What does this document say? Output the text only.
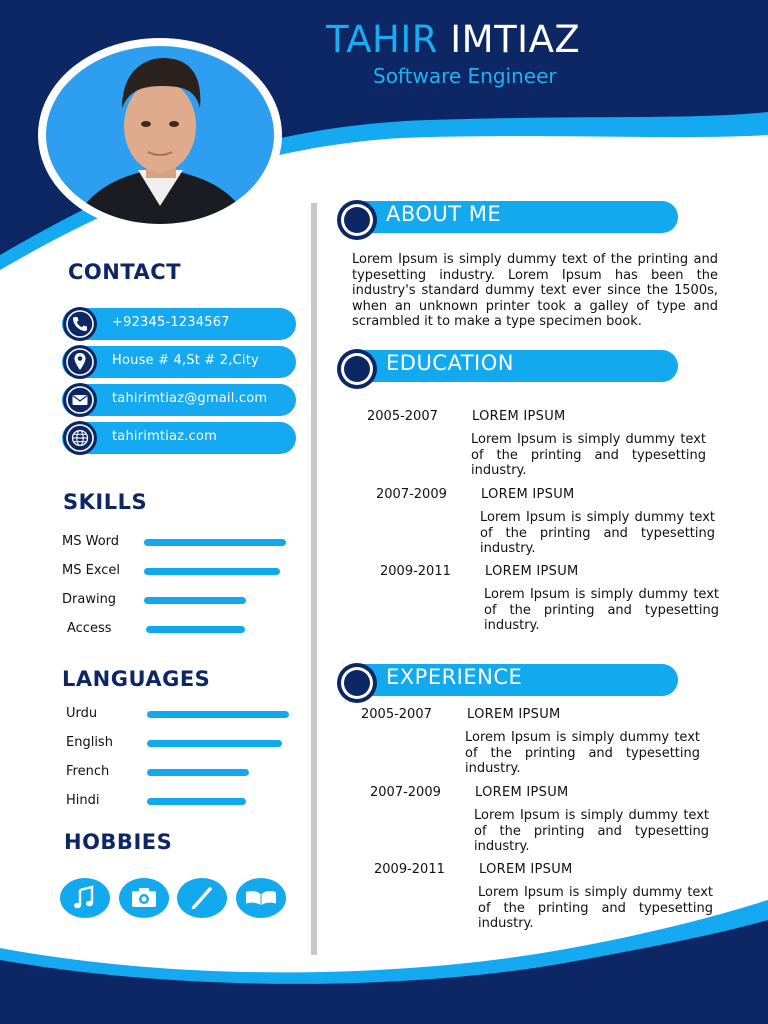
TAHIR IMTIAZ
Software Engineer
CONTACT
+92345-1234567
House # 4,St # 2,City
tahirimtiaz@gmail.com
tahirimtiaz.com
SKILLS
MS Word
MS Excel
Drawing
Access
LANGUAGES
Urdu
English
French
Hindi
HOBBIES
ABOUT ME
Lorem Ipsum is simply dummy text of the printing and typesetting industry. Lorem Ipsum has been the industry's standard dummy text ever since the 1500s, when an unknown printer took a galley of type and scrambled it to make a type specimen book.
EDUCATION
2005-2007	LOREM IPSUM
Lorem Ipsum is simply dummy text of the printing and typesetting industry.
2007-2009	LOREM IPSUM
Lorem Ipsum is simply dummy text of the printing and typesetting industry.
2009-2011	LOREM IPSUM
Lorem Ipsum is simply dummy text of the printing and typesetting industry.
EXPERIENCE
2005-2007	LOREM IPSUM
Lorem Ipsum is simply dummy text of the printing and typesetting industry.
2007-2009	LOREM IPSUM
Lorem Ipsum is simply dummy text of the printing and typesetting industry.
2009-2011	LOREM IPSUM
Lorem Ipsum is simply dummy text of the printing and typesetting industry.
